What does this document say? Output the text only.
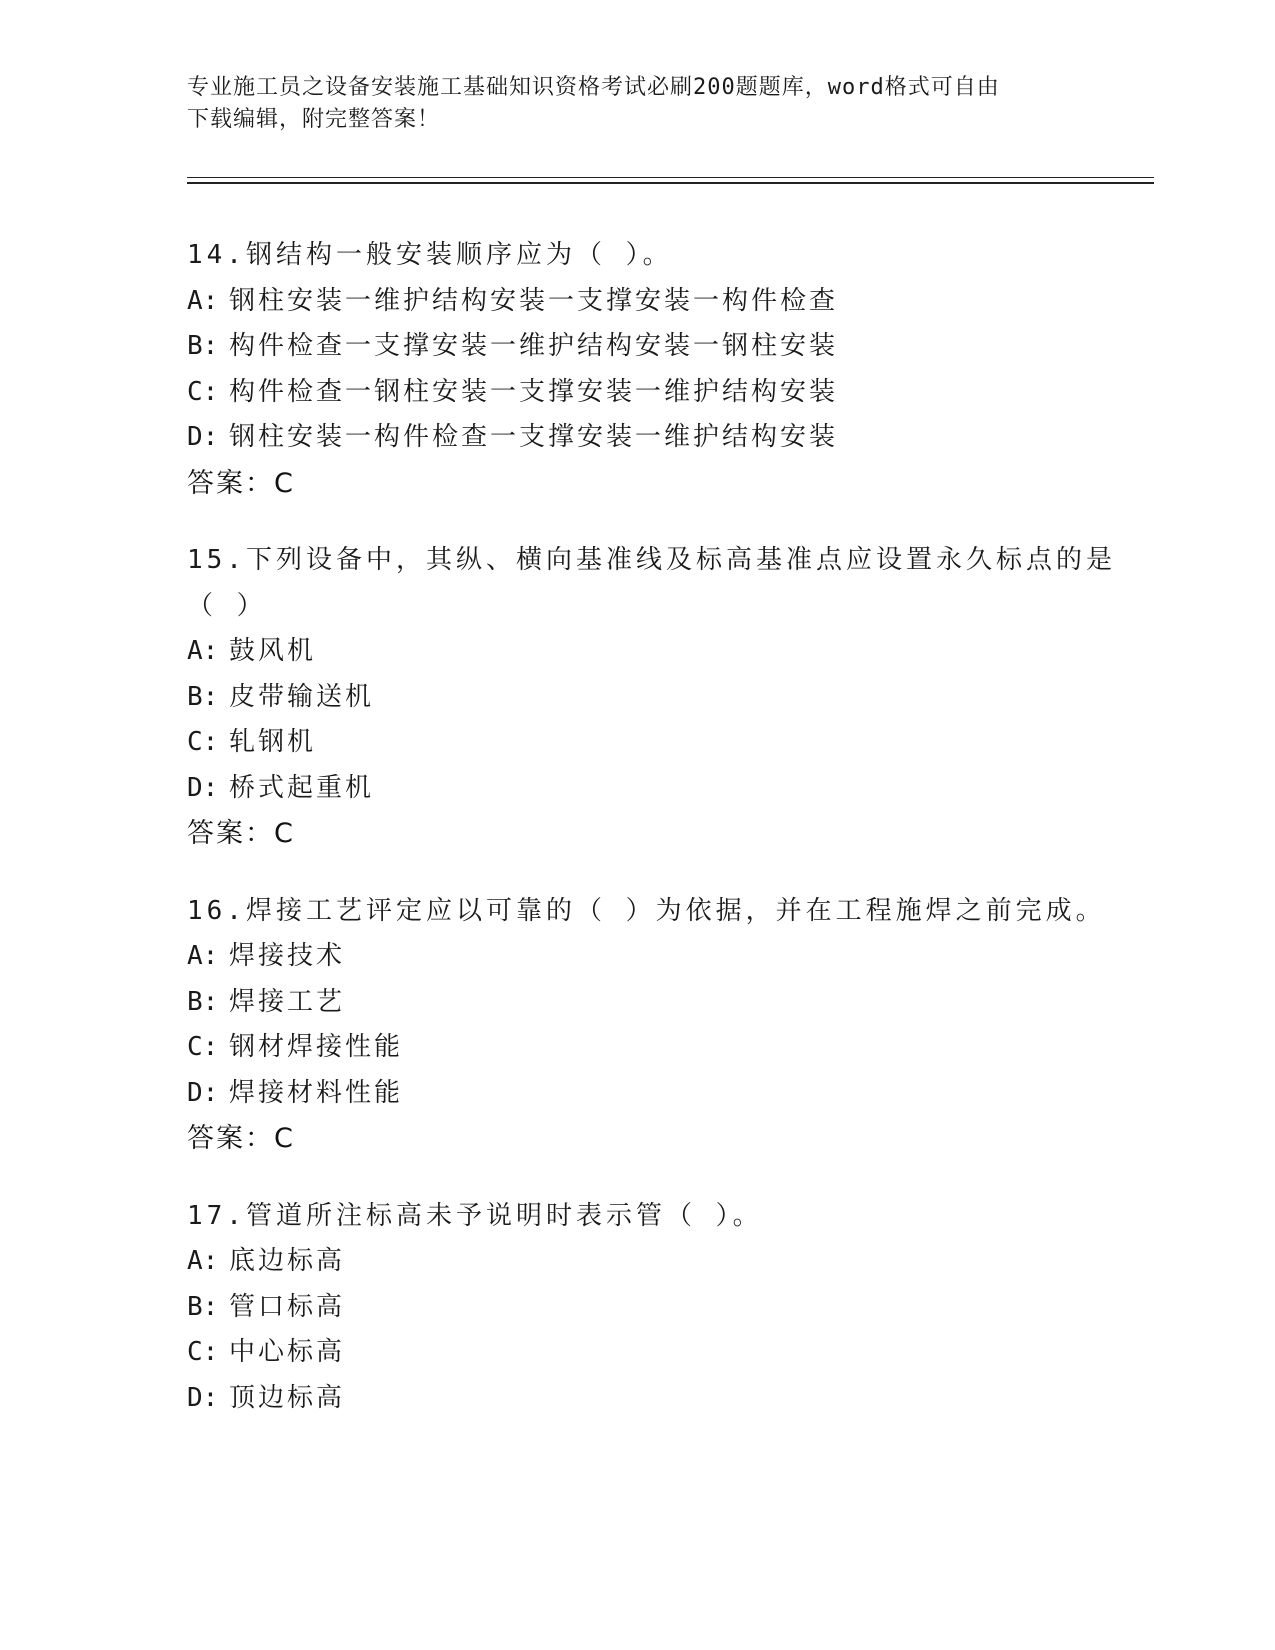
专业施工员之设备安装施工基础知识资格考试必刷200题题库，word格式可自由
下载编辑，附完整答案！
14.钢结构一般安装顺序应为（ ）。
A: 钢柱安装一维护结构安装一支撑安装一构件检查
B: 构件检查一支撑安装一维护结构安装一钢柱安装
C: 构件检查一钢柱安装一支撑安装一维护结构安装
D: 钢柱安装一构件检查一支撑安装一维护结构安装
答案：C
15.下列设备中，其纵、横向基准线及标高基准点应设置永久标点的是
（ ）
A: 鼓风机
B: 皮带输送机
C: 轧钢机
D: 桥式起重机
答案：C
16.焊接工艺评定应以可靠的（ ）为依据，并在工程施焊之前完成。
A: 焊接技术
B: 焊接工艺
C: 钢材焊接性能
D: 焊接材料性能
答案：C
17.管道所注标高未予说明时表示管（ ）。
A: 底边标高
B: 管口标高
C: 中心标高
D: 顶边标高
